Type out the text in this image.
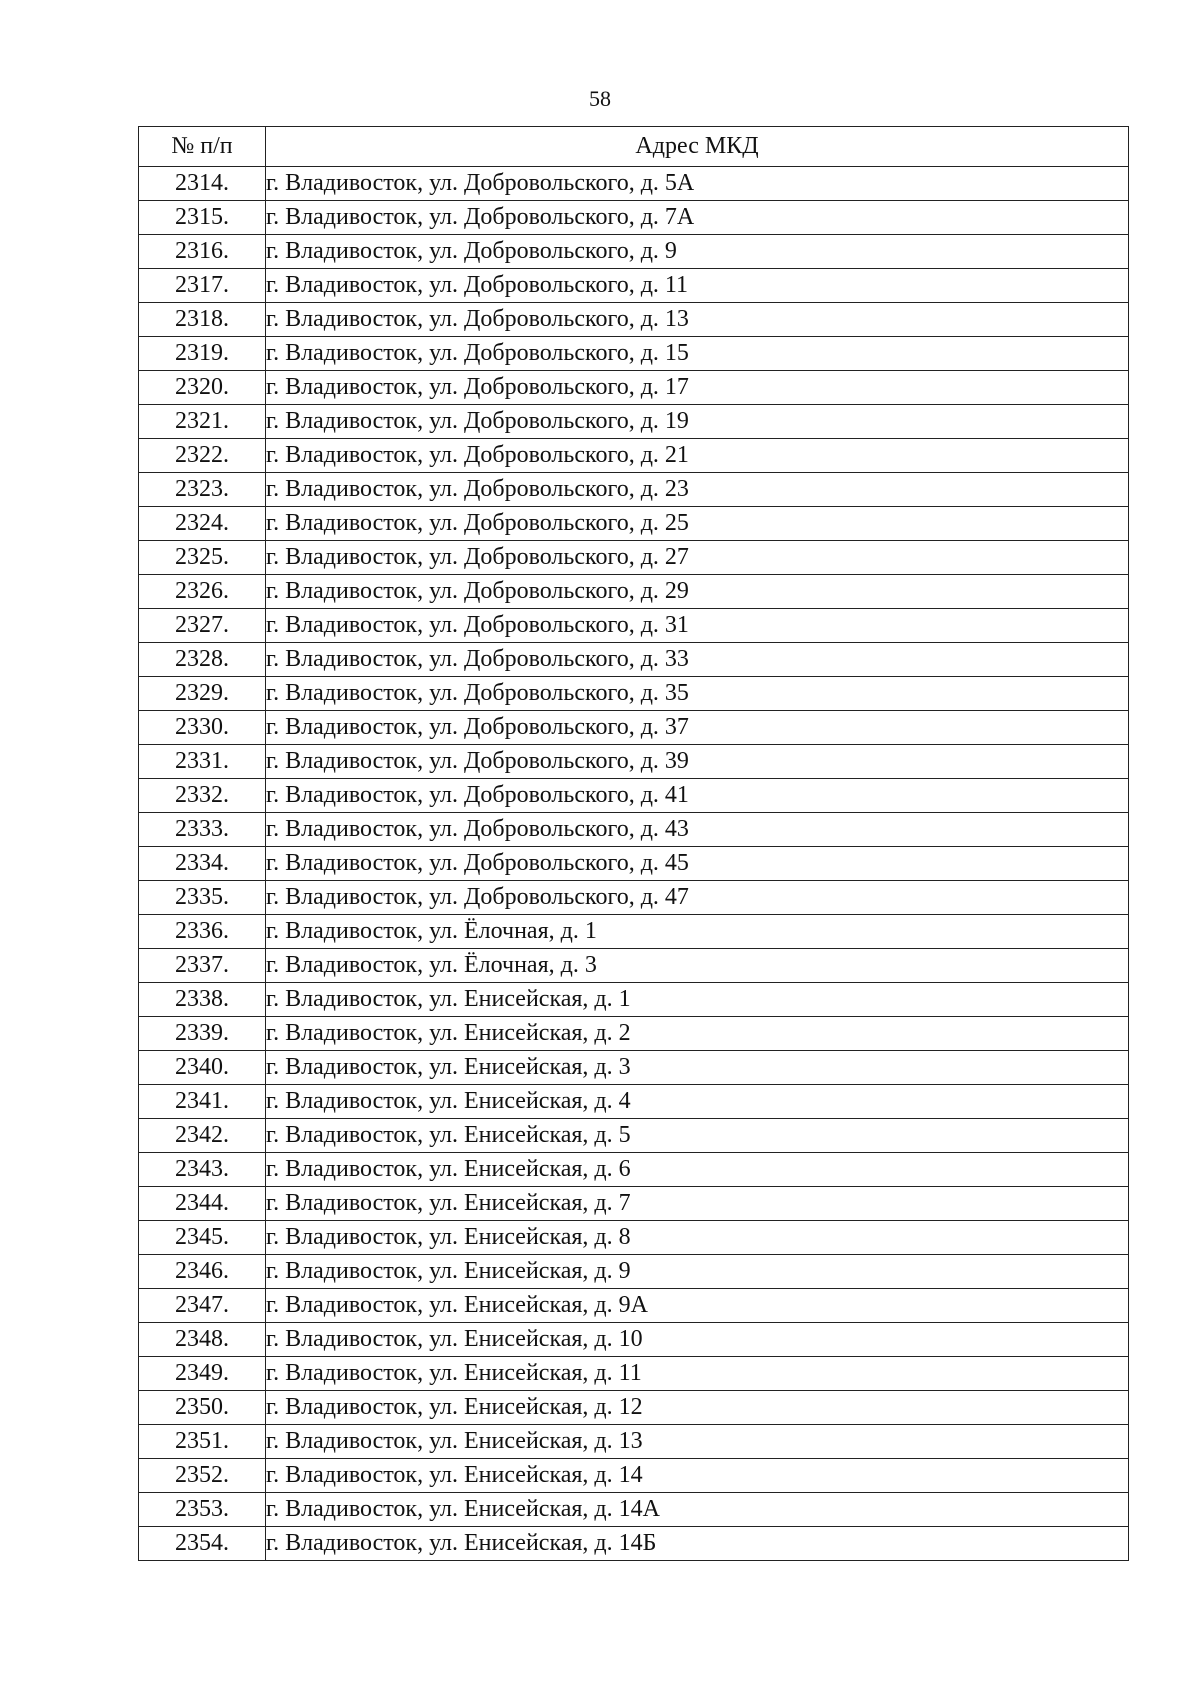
58
№ п/п	Адрес МКД
2314.	г. Владивосток, ул. Добровольского, д. 5А
2315.	г. Владивосток, ул. Добровольского, д. 7А
2316.	г. Владивосток, ул. Добровольского, д. 9
2317.	г. Владивосток, ул. Добровольского, д. 11
2318.	г. Владивосток, ул. Добровольского, д. 13
2319.	г. Владивосток, ул. Добровольского, д. 15
2320.	г. Владивосток, ул. Добровольского, д. 17
2321.	г. Владивосток, ул. Добровольского, д. 19
2322.	г. Владивосток, ул. Добровольского, д. 21
2323.	г. Владивосток, ул. Добровольского, д. 23
2324.	г. Владивосток, ул. Добровольского, д. 25
2325.	г. Владивосток, ул. Добровольского, д. 27
2326.	г. Владивосток, ул. Добровольского, д. 29
2327.	г. Владивосток, ул. Добровольского, д. 31
2328.	г. Владивосток, ул. Добровольского, д. 33
2329.	г. Владивосток, ул. Добровольского, д. 35
2330.	г. Владивосток, ул. Добровольского, д. 37
2331.	г. Владивосток, ул. Добровольского, д. 39
2332.	г. Владивосток, ул. Добровольского, д. 41
2333.	г. Владивосток, ул. Добровольского, д. 43
2334.	г. Владивосток, ул. Добровольского, д. 45
2335.	г. Владивосток, ул. Добровольского, д. 47
2336.	г. Владивосток, ул. Ёлочная, д. 1
2337.	г. Владивосток, ул. Ёлочная, д. 3
2338.	г. Владивосток, ул. Енисейская, д. 1
2339.	г. Владивосток, ул. Енисейская, д. 2
2340.	г. Владивосток, ул. Енисейская, д. 3
2341.	г. Владивосток, ул. Енисейская, д. 4
2342.	г. Владивосток, ул. Енисейская, д. 5
2343.	г. Владивосток, ул. Енисейская, д. 6
2344.	г. Владивосток, ул. Енисейская, д. 7
2345.	г. Владивосток, ул. Енисейская, д. 8
2346.	г. Владивосток, ул. Енисейская, д. 9
2347.	г. Владивосток, ул. Енисейская, д. 9А
2348.	г. Владивосток, ул. Енисейская, д. 10
2349.	г. Владивосток, ул. Енисейская, д. 11
2350.	г. Владивосток, ул. Енисейская, д. 12
2351.	г. Владивосток, ул. Енисейская, д. 13
2352.	г. Владивосток, ул. Енисейская, д. 14
2353.	г. Владивосток, ул. Енисейская, д. 14А
2354.	г. Владивосток, ул. Енисейская, д. 14Б
